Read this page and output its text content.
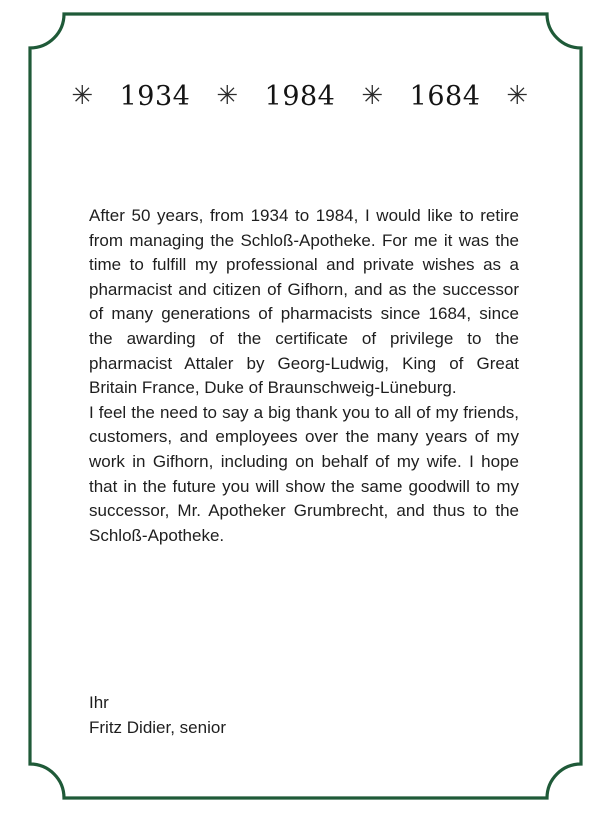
✳ 1934 ✳ 1984 ✳ 1684 ✳

After 50 years, from 1934 to 1984, I would like to retire from managing the Schloß-Apotheke. For me it was the time to fulfill my professional and private wishes as a pharmacist and citizen of Gifhorn, and as the successor of many generations of pharmacists since 1684, since the awarding of the certificate of privilege to the pharmacist Attaler by Georg-Ludwig, King of Great Britain France, Duke of Braunschweig-Lüneburg.

I feel the need to say a big thank you to all of my friends, customers, and employees over the many years of my work in Gifhorn, including on behalf of my wife. I hope that in the future you will show the same goodwill to my successor, Mr. Apotheker Grumbrecht, and thus to the Schloß-Apotheke.

Ihr
Fritz Didier, senior
